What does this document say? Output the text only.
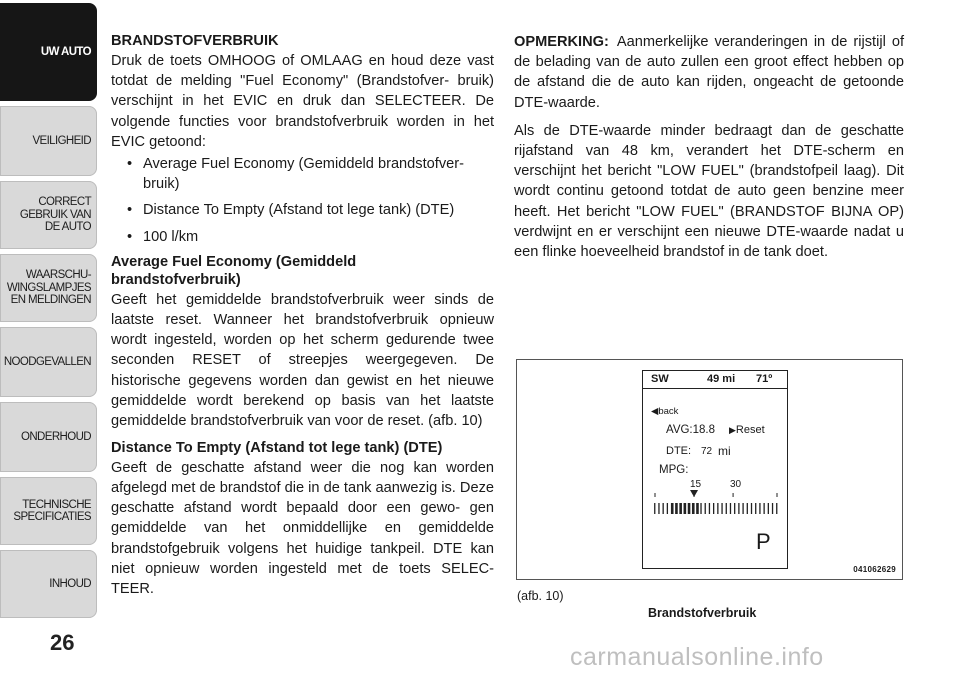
UW AUTO
VEILIGHEID
CORRECT
GEBRUIK VAN
DE AUTO
WAARSCHU-
WINGSLAMPJES
EN MELDINGEN
NOODGEVALLEN
ONDERHOUD
TECHNISCHE
SPECIFICATIES
INHOUD
26
BRANDSTOFVERBRUIK

Druk de toets OMHOOG of OMLAAG en houd deze vast totdat de melding "Fuel Economy" (Brandstofver- bruik) verschijnt in het EVIC en druk dan SELECTEER. De volgende functies voor brandstofverbruik worden in het EVIC getoond:

• Average Fuel Economy (Gemiddeld brandstofver- bruik)
• Distance To Empty (Afstand tot lege tank) (DTE)
• 100 l/km
Average Fuel Economy (Gemiddeld brandstofverbruik)

Geeft het gemiddelde brandstofverbruik weer sinds de laatste reset. Wanneer het brandstofverbruik opnieuw wordt ingesteld, worden op het scherm gedurende twee seconden RESET of streepjes weergegeven. De historische gegevens worden dan gewist en het nieuwe gemiddelde wordt berekend op basis van het laatste gemiddelde brandstofverbruik van voor de reset. (afb. 10)

Distance To Empty (Afstand tot lege tank) (DTE)

Geeft de geschatte afstand weer die nog kan worden afgelegd met de brandstof die in de tank aanwezig is. Deze geschatte afstand wordt bepaald door een gewo- gen gemiddelde van het onmiddellijke en gemiddelde brandstofgebruik volgens het huidige tankpeil. DTE kan niet opnieuw worden ingesteld met de toets SELEC- TEER.

OPMERKING: Aanmerkelijke veranderingen in de rijstijl of de belading van de auto zullen een groot effect hebben op de afstand die de auto kan rijden, ongeacht de getoonde DTE-waarde.

Als de DTE-waarde minder bedraagt dan de geschatte rijafstand van 48 km, verandert het DTE-scherm en verschijnt het bericht "LOW FUEL" (brandstofpeil laag). Dit wordt continu getoond totdat de auto geen benzine meer heeft. Het bericht "LOW FUEL" (BRANDSTOF BIJNA OP) verdwijnt en er verschijnt een nieuwe DTE-waarde nadat u een flinke hoeveelheid brandstof in de tank doet.

SW	49 mi 71º
◀back
AVG:18.8 ▶Reset
DTE: 72 mi
MPG:
15	30
P
041062629
(afb. 10)
Brandstofverbruik
carmanualsonline.info
